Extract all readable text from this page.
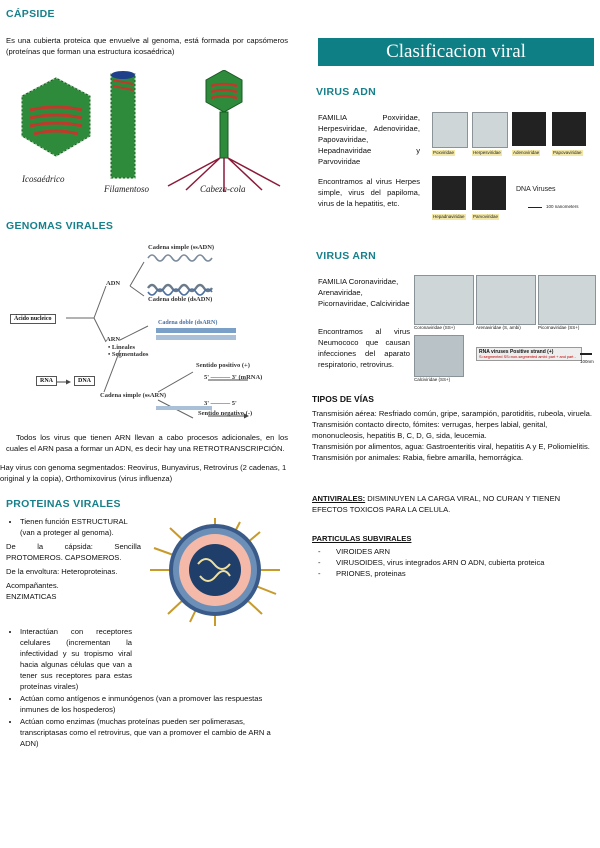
CÁPSIDE
Es una cubierta proteica que envuelve al genoma, está formada por capsómeros (proteínas que forman una estructura icosaédrica)
Icosaédrico
Filamentoso	Cabeza-cola
GENOMAS VIRALES
Ácido nucleico
ADN
Cadena simple (ssADN)
Cadena doble (dsADN)
ARN
• Lineales
• Segmentados
Cadena doble (dsARN)
RNA	DNA
Cadena simple (ssARN)
Sentido positivo (+)
5' ——— 3' (mRNA)
Sentido negativo (-)
3' ——— 5'
Todos los virus que tienen ARN llevan a cabo procesos adicionales, en los cuales el ARN pasa a formar un ADN, es decir hay una RETROTRANSCRIPCIÓN.
Hay virus con genoma segmentados: Reovirus, Bunyavirus, Retrovirus (2 cadenas, 1 original y la copia), Orthomixovirus (virus influenza)
PROTEINAS VIRALES
• Tienen función ESTRUCTURAL (van a proteger al genoma).
De la cápsida: Sencilla PROTOMEROS. CAPSOMEROS.
De la envoltura: Heteroproteinas.
Acompañantes.
ENZIMATICAS
• Interactúan con receptores celulares (incrementan la infectividad y su tropismo viral hacia algunas células que van a tener sus receptores para estas proteínas virales)
• Actúan como antígenos e inmunógenos (van a promover las respuestas inmunes de los hospederos)
• Actúan como enzimas (muchas proteínas pueden ser polimerasas, transcriptasas como el retrovirus, que van a promover el cambio de ARN a ADN)
Clasificacion viral
VIRUS ADN
FAMILIA Poxviridae, Herpesviridae, Adenoviridae, Papovaviridae, Hepadnaviridae y Parvoviridae
Encontramos al virus Herpes simple, virus del papiloma, virus de la hepatitis, etc.
Poxviridae	Herpesviridae	Adenoviridae	Papovaviridae
Hepadnaviridae Parvoviridae
DNA Viruses
100 nanometers
VIRUS ARN
FAMILIA Coronaviridae, Arenaviridae, Picornaviridae, Calciviridae
Encontramos al virus Neumococo que causan infecciones del aparato respiratorio, retrovirus.
Coronaviridae (SS+)	Arenaviridae (S, ambi)	Picornaviridae (SS+)
Calciviridae (SS+)
RNA viruses Positive strand (+)
S=segmented SS=non-segmented ambi: part + and part -
100nm
TIPOS DE VÍAS
Transmisión aérea: Resfriado común, gripe, sarampión, parotiditis, rubeola, viruela.
Transmisión contacto directo, fómites: verrugas, herpes labial, genital, mononucleosis, hepatitis B, C, D, G, sida, leucemia.
Transmisión por alimentos, agua: Gastroenteritis viral, hepatitis A y E, Poliomielitis.
Transmisión por animales: Rabia, fiebre amarilla, hemorrágica.
ANTIVIRALES: DISMINUYEN LA CARGA VIRAL, NO CURAN Y TIENEN EFECTOS TOXICOS PARA LA CELULA.
PARTICULAS SUBVIRALES
- VIROIDES ARN
- VIRUSOIDES, virus integrados ARN O ADN, cubierta proteica
- PRIONES, proteinas
